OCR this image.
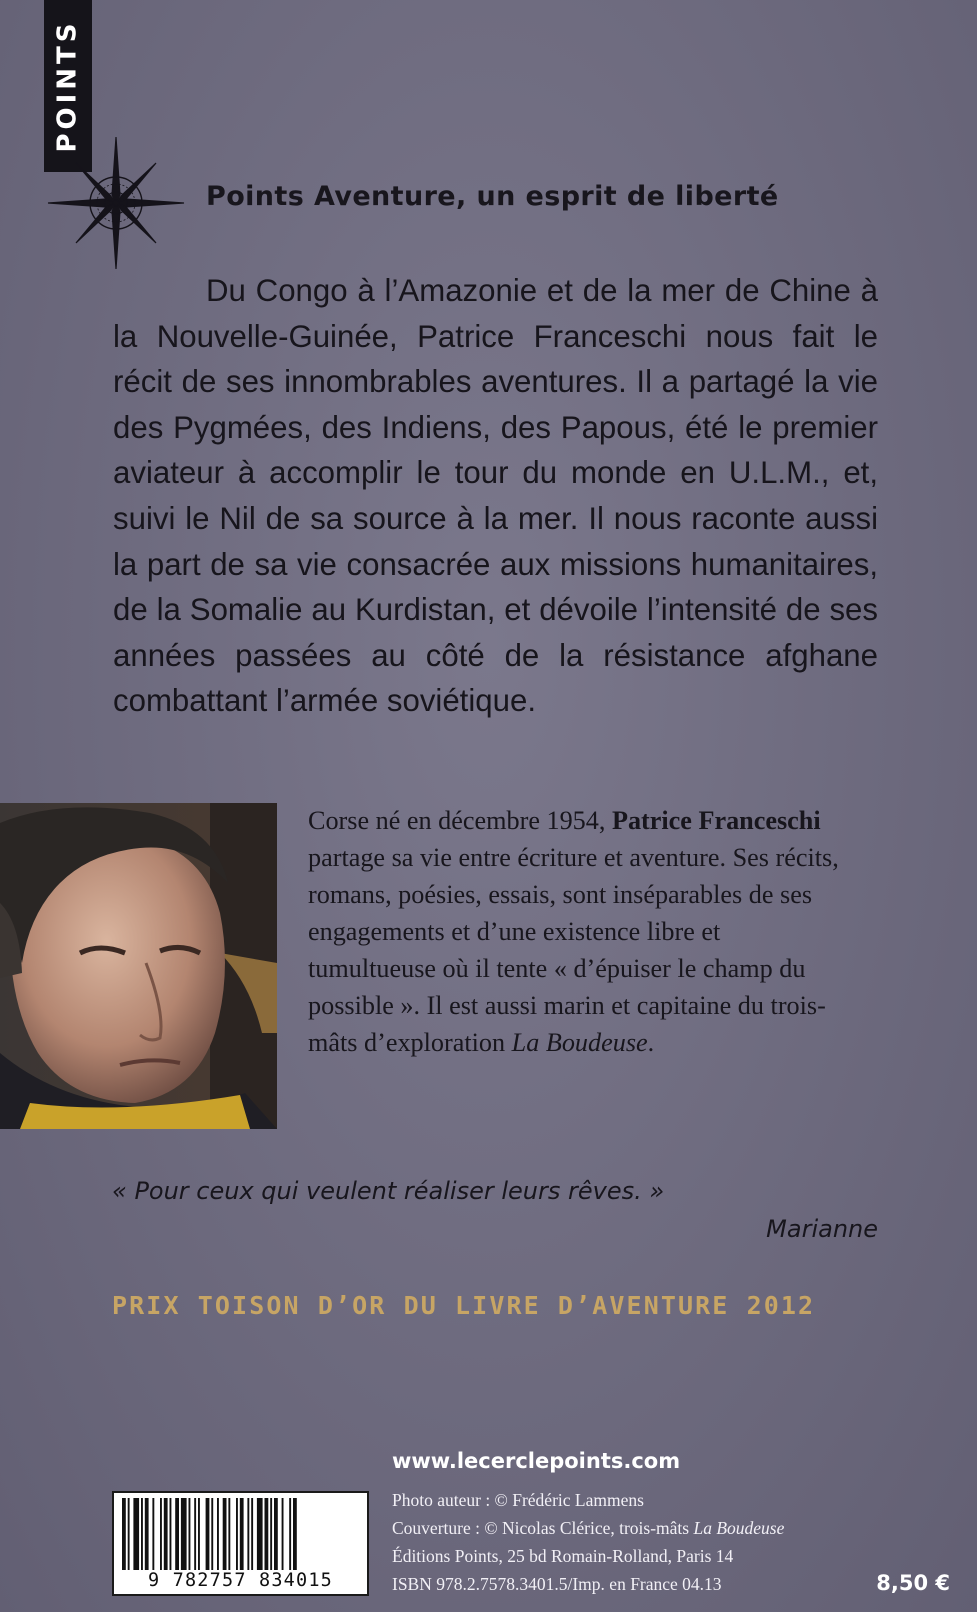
POINTS

Points Aventure, un esprit de liberté

Du Congo à l’Amazonie et de la mer de Chine à la Nouvelle-Guinée, Patrice Franceschi nous fait le récit de ses innombrables aventures. Il a partagé la vie des Pygmées, des Indiens, des Papous, été le premier aviateur à accomplir le tour du monde en U.L.M., et, suivi le Nil de sa source à la mer. Il nous raconte aussi la part de sa vie consacrée aux missions humanitaires, de la Somalie au Kurdistan, et dévoile l’intensité de ses années passées au côté de la résistance afghane combattant l’armée soviétique.

Corse né en décembre 1954, Patrice Franceschi partage sa vie entre écriture et aventure. Ses récits, romans, poésies, essais, sont inséparables de ses engagements et d’une existence libre et tumultueuse où il tente « d’épuiser le champ du possible ». Il est aussi marin et capitaine du trois-mâts d’exploration La Boudeuse.

« Pour ceux qui veulent réaliser leurs rêves. »

Marianne

PRIX TOISON D’OR DU LIVRE D’AVENTURE 2012

www.lecerclepoints.com

Photo auteur : © Frédéric Lammens
Couverture : © Nicolas Clérice, trois-mâts La Boudeuse
Éditions Points, 25 bd Romain-Rolland, Paris 14
ISBN 978.2.7578.3401.5/Imp. en France 04.13
9 782757 834015	8,50 €
